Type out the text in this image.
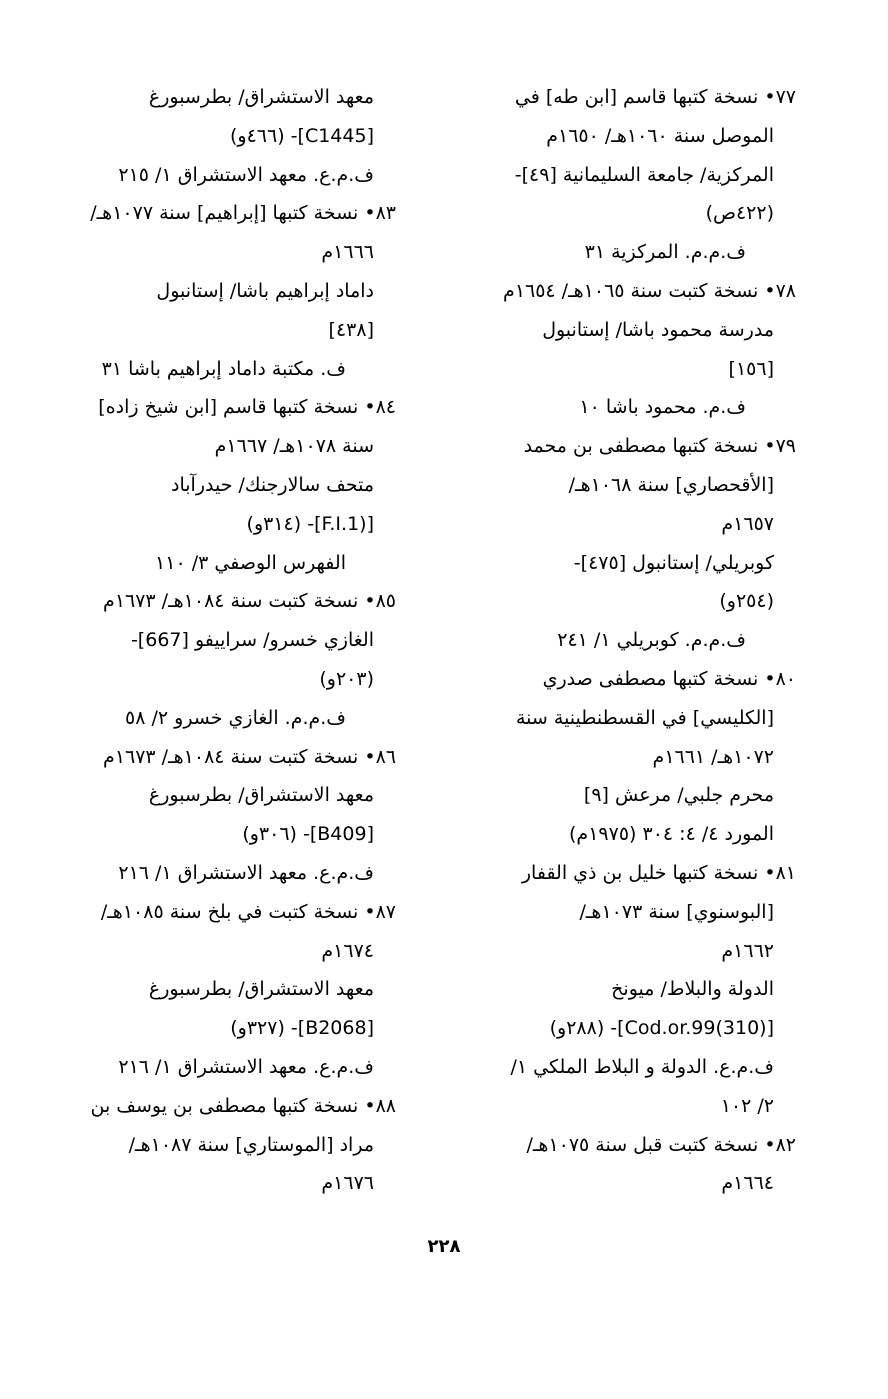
٧٧• نسخة كتبها قاسم [ابن طه] في
الموصل سنة ١٠٦٠هـ/ ١٦٥٠م
المركزية/ جامعة السليمانية [٤٩]-
(٤٢٢ص)
ف.م.م. المركزية ٣١
٧٨• نسخة كتبت سنة ١٠٦٥هـ/ ١٦٥٤م
مدرسة محمود باشا/ إستانبول
[١٥٦]
ف.م. محمود باشا ١٠
٧٩• نسخة كتبها مصطفى بن محمد
[الأقحصاري] سنة ١٠٦٨هـ/
١٦٥٧م
كوبريلي/ إستانبول [٤٧٥]-
(٢٥٤و)
ف.م.م. كوبريلي ١/ ٢٤١
٨٠• نسخة كتبها مصطفى صدري
[الكليسي] في القسطنطينية سنة
١٠٧٢هـ/ ١٦٦١م
محرم جلبي/ مرعش [٩]
المورد ٤/ ٤: ٣٠٤ (١٩٧٥م)
٨١• نسخة كتبها خليل بن ذي القفار
[البوسنوي] سنة ١٠٧٣هـ/
١٦٦٢م
الدولة والبلاط/ ميونخ
[(310)Cod.or.99]- (٢٨٨و)
ف.م.ع. الدولة و البلاط الملكي ١/
٢/ ١٠٢
٨٢• نسخة كتبت قبل سنة ١٠٧٥هـ/
١٦٦٤م
معهد الاستشراق/ بطرسبورغ
[C1445]- (٤٦٦و)
ف.م.ع. معهد الاستشراق ١/ ٢١٥
٨٣• نسخة كتبها [إبراهيم] سنة ١٠٧٧هـ/
١٦٦٦م
داماد إبراهيم باشا/ إستانبول
[٤٣٨]
ف. مكتبة داماد إبراهيم باشا ٣١
٨٤• نسخة كتبها قاسم [ابن شيخ زاده]
سنة ١٠٧٨هـ/ ١٦٦٧م
متحف سالارجنك/ حيدرآباد
[(1.F.I]- (٣١٤و)
الفهرس الوصفي ٣/ ١١٠
٨٥• نسخة كتبت سنة ١٠٨٤هـ/ ١٦٧٣م
الغازي خسرو/ سراييفو [667]-
(٢٠٣و)
ف.م.م. الغازي خسرو ٢/ ٥٨
٨٦• نسخة كتبت سنة ١٠٨٤هـ/ ١٦٧٣م
معهد الاستشراق/ بطرسبورغ
[B409]- (٣٠٦و)
ف.م.ع. معهد الاستشراق ١/ ٢١٦
٨٧• نسخة كتبت في بلخ سنة ١٠٨٥هـ/
١٦٧٤م
معهد الاستشراق/ بطرسبورغ
[B2068]- (٣٢٧و)
ف.م.ع. معهد الاستشراق ١/ ٢١٦
٨٨• نسخة كتبها مصطفى بن يوسف بن
مراد [الموستاري] سنة ١٠٨٧هـ/
١٦٧٦م
٢٢٨
